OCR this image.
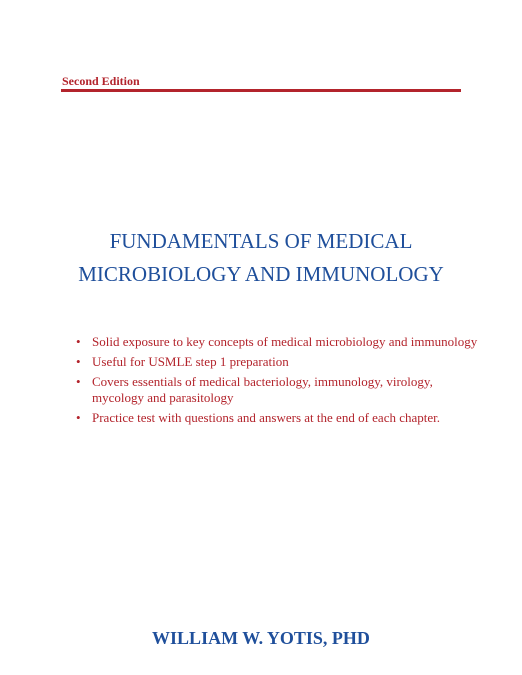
Second Edition
FUNDAMENTALS OF MEDICAL
MICROBIOLOGY AND IMMUNOLOGY
• Solid exposure to key concepts of medical microbiology and immunology
• Useful for USMLE step 1 preparation
• Covers essentials of medical bacteriology, immunology, virology, mycology and parasitology
• Practice test with questions and answers at the end of each chapter.
WILLIAM W. YOTIS, PHD
